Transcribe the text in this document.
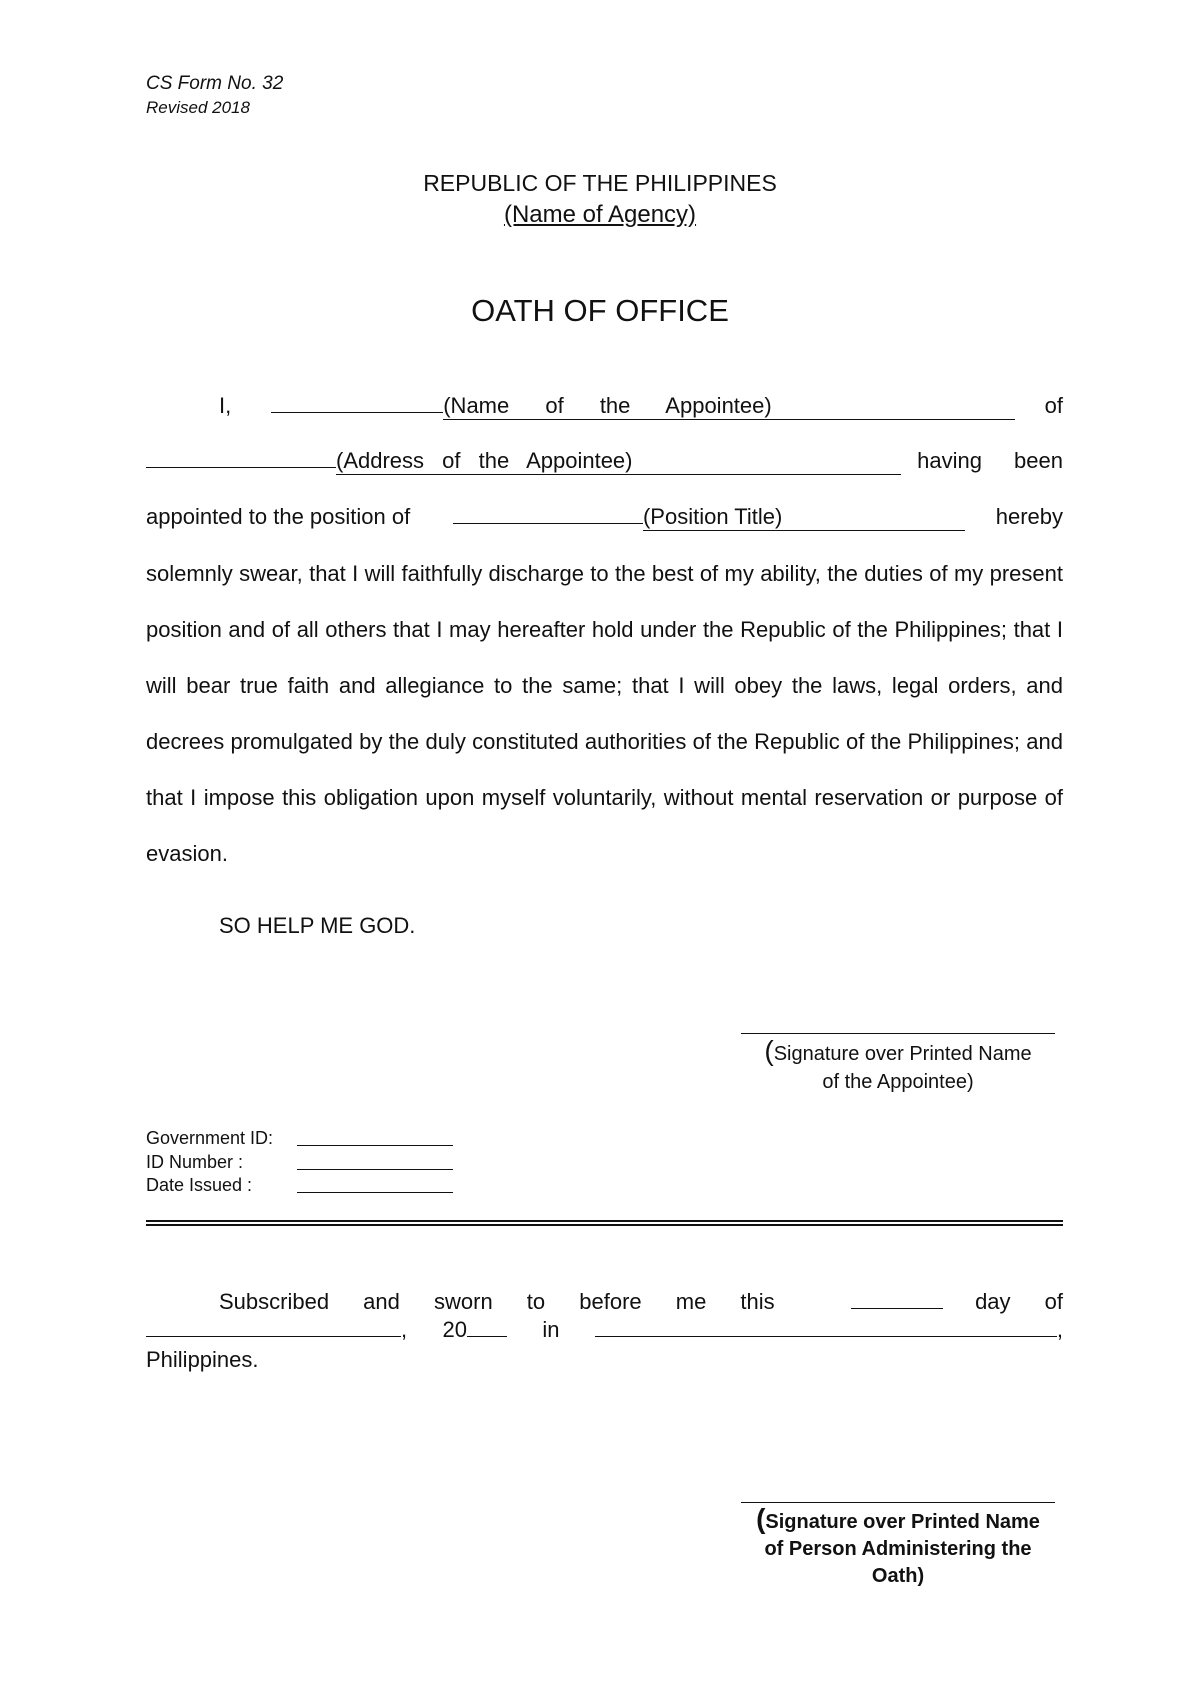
CS Form No. 32
Revised 2018
REPUBLIC OF THE PHILIPPINES
(Name of Agency)
OATH OF OFFICE
I,	(Name of the Appointee)	of
(Address of the Appointee)	having been
appointed to the position of	(Position Title)	hereby
solemnly swear, that I will faithfully discharge to the best of my ability, the duties of my present position and of all others that I may hereafter hold under the Republic of the Philippines; that I will bear true faith and allegiance to the same; that I will obey the laws, legal orders, and decrees promulgated by the duly constituted authorities of the Republic of the Philippines; and that I impose this obligation upon myself voluntarily, without mental reservation or purpose of evasion.
SO HELP ME GOD.
(Signature over Printed Name
of the Appointee)
Government ID:
ID Number :
Date Issued :
Subscribed and sworn to before me this	day of
, 20	in	,
Philippines.
(Signature over Printed Name
of Person Administering the
Oath)
